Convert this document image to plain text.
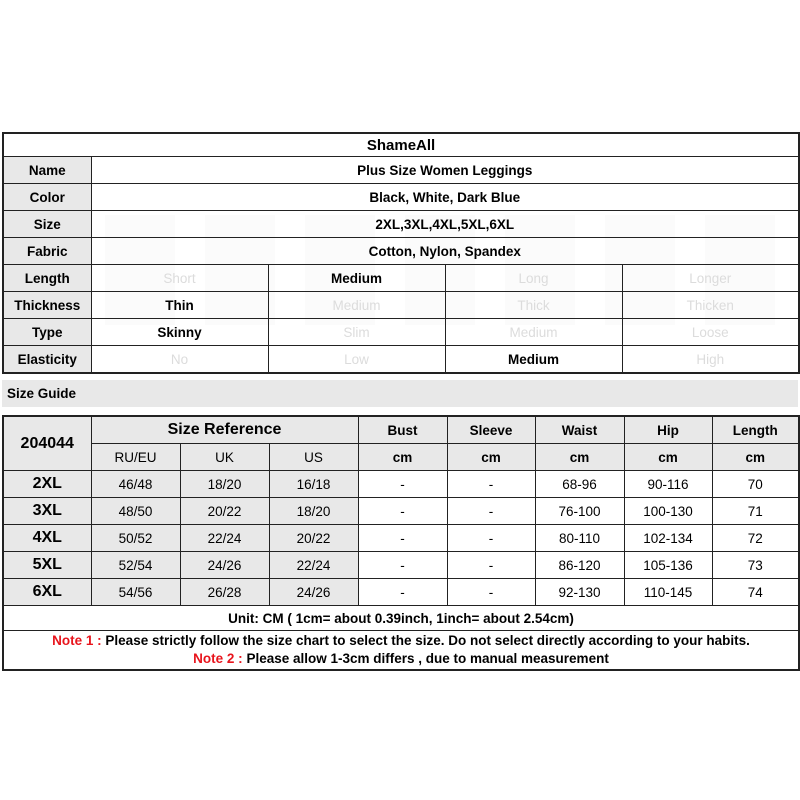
ShameAll				
Name	Plus Size Women Leggings			
Color	Black, White, Dark Blue			
Size	2XL,3XL,4XL,5XL,6XL			
Fabric	Cotton, Nylon, Spandex			
Length	Short	Medium	Long	Longer
Thickness	Thin	Medium	Thick	Thicken
Type	Skinny	Slim	Medium	Loose
Elasticity	No	Low	Medium	High
Size Guide
204044	Size Reference			Bust	Sleeve	Waist	Hip	Length
	RU/EU	UK	US	cm	cm	cm	cm	cm
2XL	46/48	18/20	16/18	-	-	68-96	90-116	70
3XL	48/50	20/22	18/20	-	-	76-100	100-130	71
4XL	50/52	22/24	20/22	-	-	80-110	102-134	72
5XL	52/54	24/26	22/24	-	-	86-120	105-136	73
6XL	54/56	26/28	24/26	-	-	92-130	110-145	74
Unit: CM ( 1cm= about 0.39inch, 1inch= about 2.54cm)								

Note 1 : Please strictly follow the size chart to select the size. Do not select directly according to your habits.
Note 2 : Please allow 1-3cm differs , due to manual measurement								
